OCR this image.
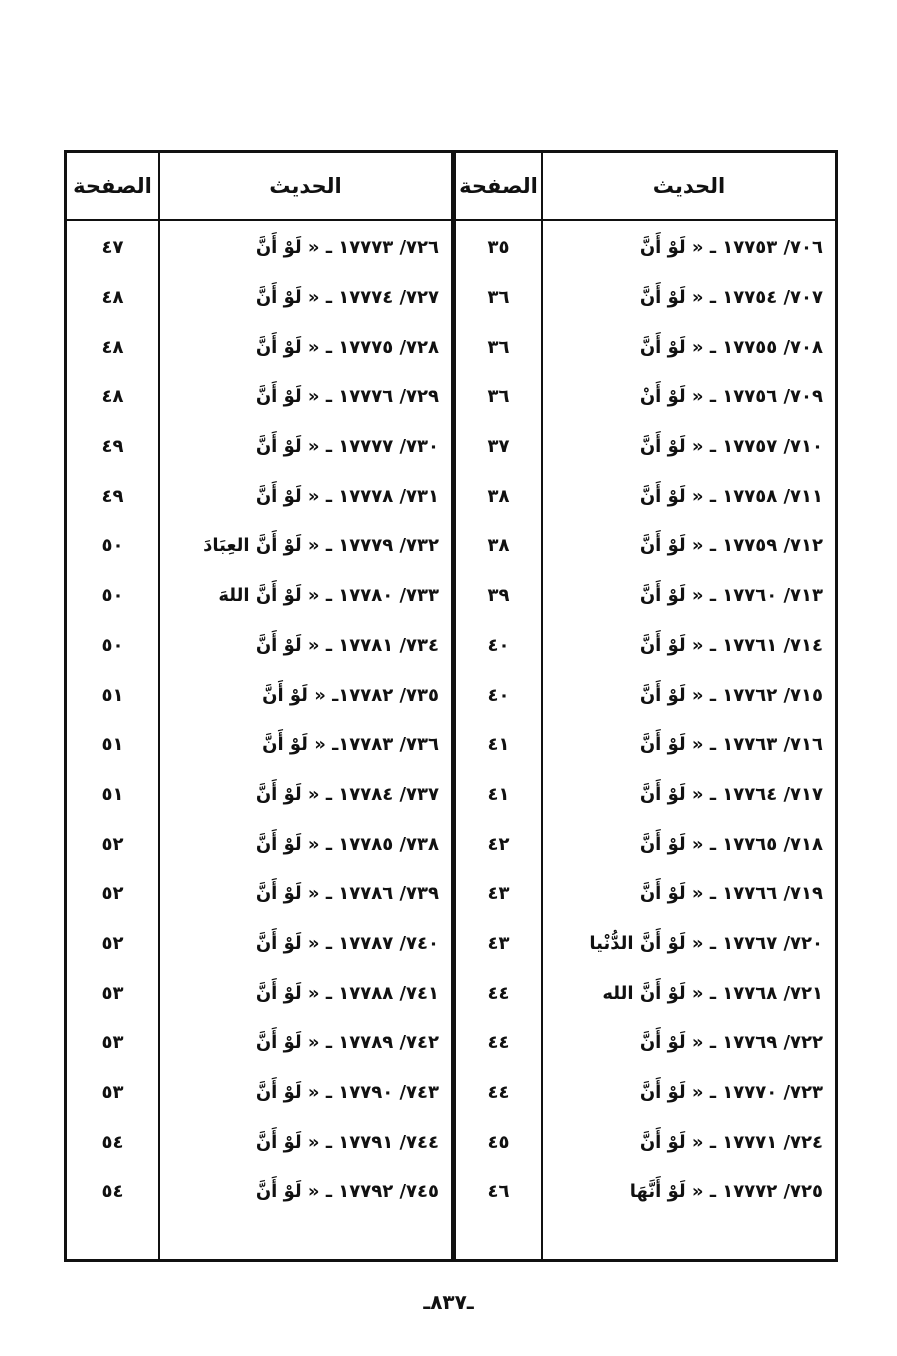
الصفحة	الحديث	الصفحة	الحديث
٤٧	٧٢٦/ ١٧٧٧٣ ـ « لَوْ أَنَّ	٣٥	٧٠٦/ ١٧٧٥٣ ـ « لَوْ أَنَّ
٤٨	٧٢٧/ ١٧٧٧٤ ـ « لَوْ أَنَّ	٣٦	٧٠٧/ ١٧٧٥٤ ـ « لَوْ أَنَّ
٤٨	٧٢٨/ ١٧٧٧٥ ـ « لَوْ أَنَّ	٣٦	٧٠٨/ ١٧٧٥٥ ـ « لَوْ أَنَّ
٤٨	٧٢٩/ ١٧٧٧٦ ـ « لَوْ أَنَّ	٣٦	٧٠٩/ ١٧٧٥٦ ـ « لَوْ أَنْ
٤٩	٧٣٠/ ١٧٧٧٧ ـ « لَوْ أَنَّ	٣٧	٧١٠/ ١٧٧٥٧ ـ « لَوْ أَنَّ
٤٩	٧٣١/ ١٧٧٧٨ ـ « لَوْ أَنَّ	٣٨	٧١١/ ١٧٧٥٨ ـ « لَوْ أَنَّ
٥٠	٧٣٢/ ١٧٧٧٩ ـ « لَوْ أَنَّ العِبَادَ	٣٨	٧١٢/ ١٧٧٥٩ ـ « لَوْ أَنَّ
٥٠	٧٣٣/ ١٧٧٨٠ ـ « لَوْ أَنَّ اللهَ	٣٩	٧١٣/ ١٧٧٦٠ ـ « لَوْ أَنَّ
٥٠	٧٣٤/ ١٧٧٨١ ـ « لَوْ أَنَّ	٤٠	٧١٤/ ١٧٧٦١ ـ « لَوْ أَنَّ
٥١	٧٣٥/ ١٧٧٨٢ـ « لَوْ أَنَّ	٤٠	٧١٥/ ١٧٧٦٢ ـ « لَوْ أَنَّ
٥١	٧٣٦/ ١٧٧٨٣ـ « لَوْ أَنَّ	٤١	٧١٦/ ١٧٧٦٣ ـ « لَوْ أَنَّ
٥١	٧٣٧/ ١٧٧٨٤ ـ « لَوْ أَنَّ	٤١	٧١٧/ ١٧٧٦٤ ـ « لَوْ أَنَّ
٥٢	٧٣٨/ ١٧٧٨٥ ـ « لَوْ أَنَّ	٤٢	٧١٨/ ١٧٧٦٥ ـ « لَوْ أَنَّ
٥٢	٧٣٩/ ١٧٧٨٦ ـ « لَوْ أَنَّ	٤٣	٧١٩/ ١٧٧٦٦ ـ « لَوْ أَنَّ
٥٢	٧٤٠/ ١٧٧٨٧ ـ « لَوْ أَنَّ	٤٣	٧٢٠/ ١٧٧٦٧ ـ « لَوْ أَنَّ الدُّنْيا
٥٣	٧٤١/ ١٧٧٨٨ ـ « لَوْ أَنَّ	٤٤	٧٢١/ ١٧٧٦٨ ـ « لَوْ أَنَّ الله
٥٣	٧٤٢/ ١٧٧٨٩ ـ « لَوْ أَنَّ	٤٤	٧٢٢/ ١٧٧٦٩ ـ « لَوْ أَنَّ
٥٣	٧٤٣/ ١٧٧٩٠ ـ « لَوْ أَنَّ	٤٤	٧٢٣/ ١٧٧٧٠ ـ « لَوْ أَنَّ
٥٤	٧٤٤/ ١٧٧٩١ ـ « لَوْ أَنَّ	٤٥	٧٢٤/ ١٧٧٧١ ـ « لَوْ أَنَّ
٥٤	٧٤٥/ ١٧٧٩٢ ـ « لَوْ أَنَّ	٤٦	٧٢٥/ ١٧٧٧٢ ـ « لَوْ أَنَّهَا
ـ٨٣٧ـ
